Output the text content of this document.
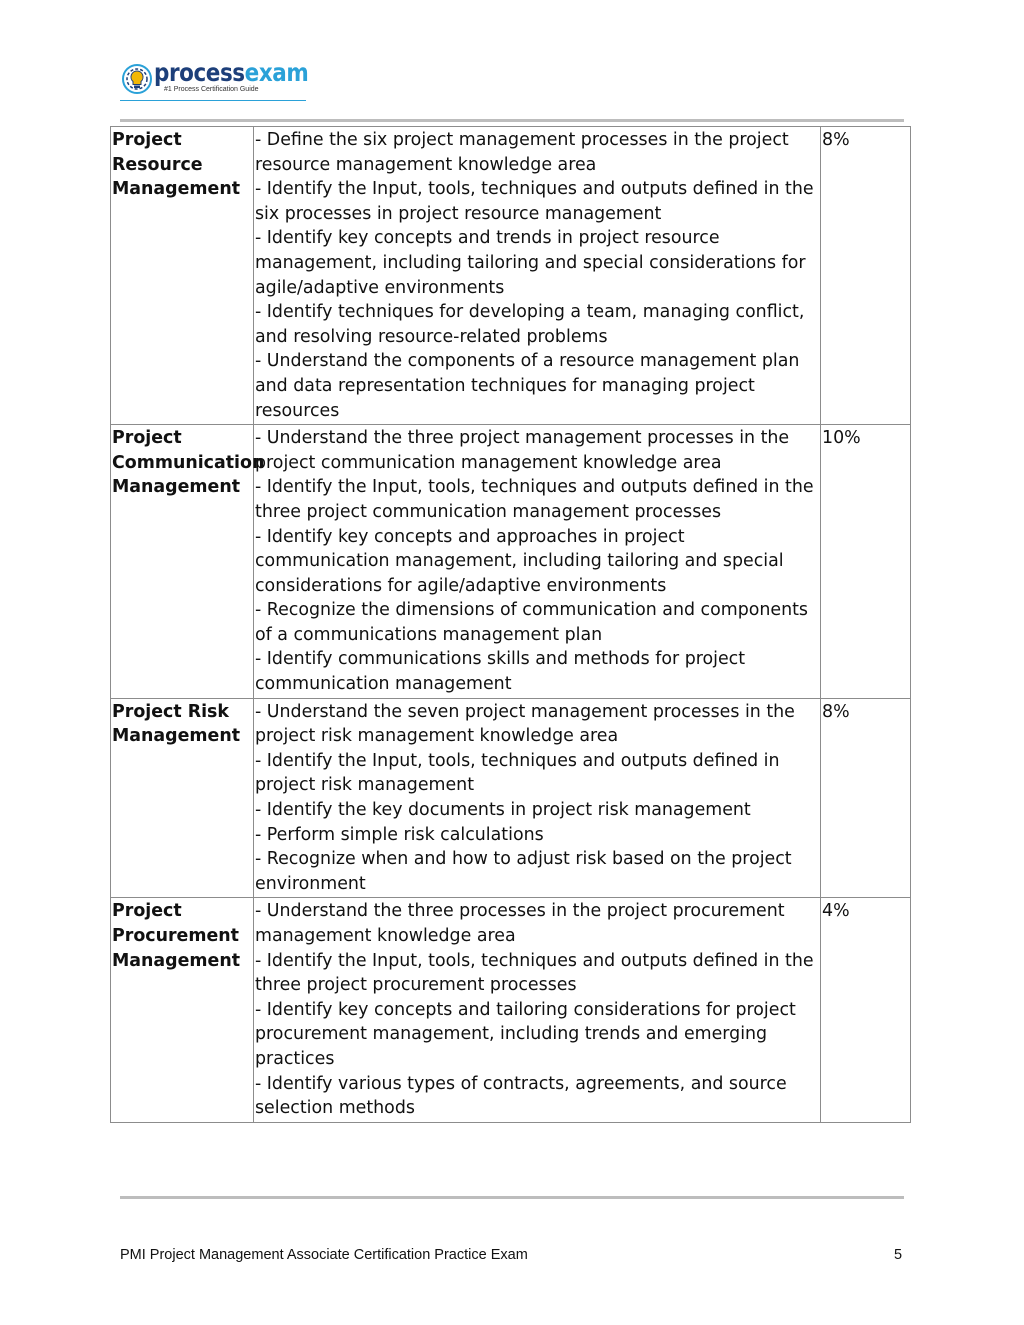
processexam
#1 Process Certification Guide
Project Resource Management	- Define the six project management processes in the project resource management knowledge area
- Identify the Input, tools, techniques and outputs defined in the six processes in project resource management
- Identify key concepts and trends in project resource management, including tailoring and special considerations for agile/adaptive environments
- Identify techniques for developing a team, managing conflict, and resolving resource-related problems
- Understand the components of a resource management plan and data representation techniques for managing project resources	8%
Project Communication Management	- Understand the three project management processes in the project communication management knowledge area
- Identify the Input, tools, techniques and outputs defined in the three project communication management processes
- Identify key concepts and approaches in project communication management, including tailoring and special considerations for agile/adaptive environments
- Recognize the dimensions of communication and components of a communications management plan
- Identify communications skills and methods for project communication management	10%
Project Risk Management	- Understand the seven project management processes in the project risk management knowledge area
- Identify the Input, tools, techniques and outputs defined in project risk management
- Identify the key documents in project risk management
- Perform simple risk calculations
- Recognize when and how to adjust risk based on the project environment	8%
Project Procurement Management	- Understand the three processes in the project procurement management knowledge area
- Identify the Input, tools, techniques and outputs defined in the three project procurement processes
- Identify key concepts and tailoring considerations for project procurement management, including trends and emerging practices
- Identify various types of contracts, agreements, and source selection methods	4%
PMI Project Management Associate Certification Practice Exam	5
